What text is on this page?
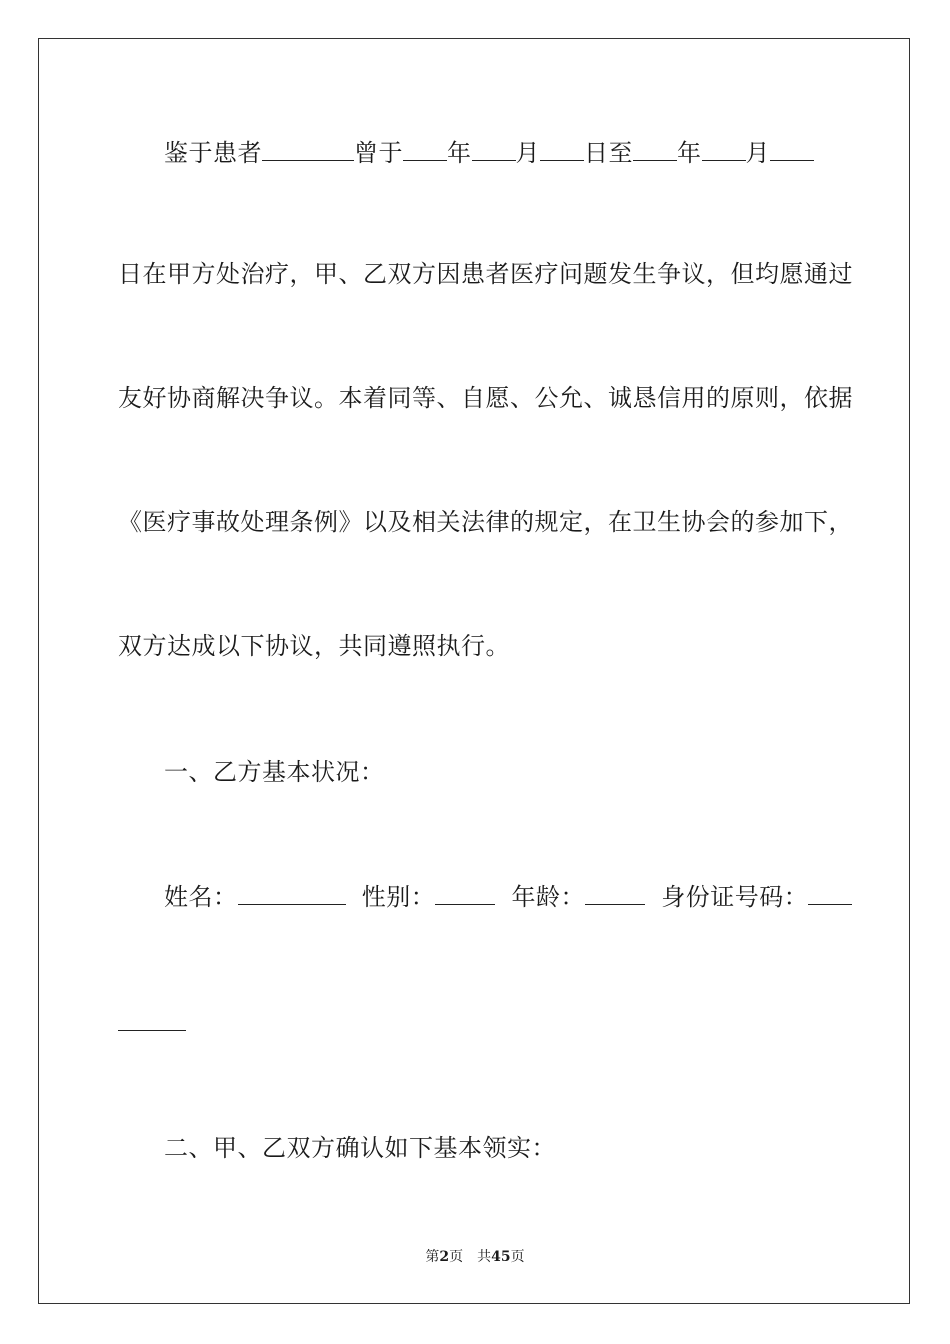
鉴于患者	曾于 年 月 日至 年 月
日在甲方处治疗，甲、乙双方因患者医疗问题发生争议，但均愿通过
友好协商解决争议。本着同等、自愿、公允、诚恳信用的原则，依据
《医疗事故处理条例》以及相关法律的规定，在卫生协会的参加下，
双方达成以下协议，共同遵照执行。
一、乙方基本状况：
姓名：	性别：	年龄：	身份证号码：
二、甲、乙双方确认如下基本领实：
第2页　共45页
